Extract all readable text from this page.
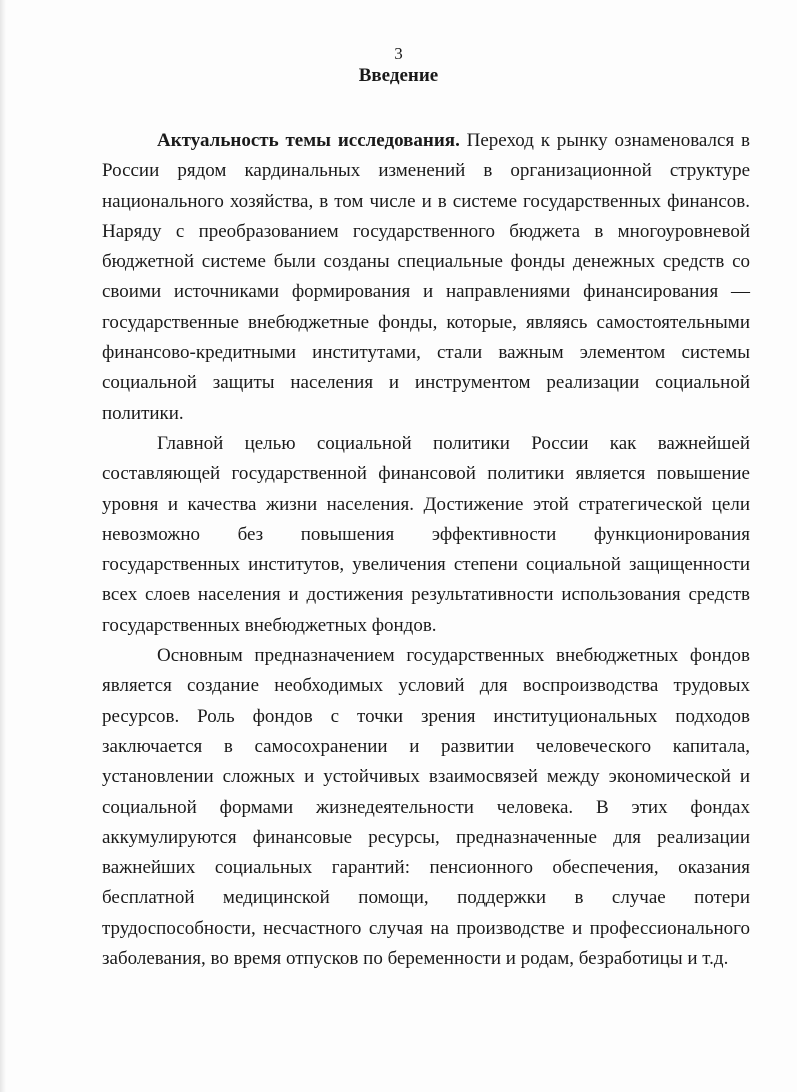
3
Введение

Актуальность темы исследования. Переход к рынку ознаменовался в России рядом кардинальных изменений в организационной структуре национального хозяйства, в том числе и в системе государственных финансов. Наряду с преобразованием государственного бюджета в многоуровневой бюджетной системе были созданы специальные фонды денежных средств со своими источниками формирования и направлениями финансирования — государственные внебюджетные фонды, которые, являясь самостоятельными финансово-кредитными институтами, стали важным элементом системы социальной защиты населения и инструментом реализации социальной политики.

Главной целью социальной политики России как важнейшей составляющей государственной финансовой политики является повышение уровня и качества жизни населения. Достижение этой стратегической цели невозможно без повышения эффективности функционирования государственных институтов, увеличения степени социальной защищенности всех слоев населения и достижения результативности использования средств государственных внебюджетных фондов.

Основным предназначением государственных внебюджетных фондов является создание необходимых условий для воспроизводства трудовых ресурсов. Роль фондов с точки зрения институциональных подходов заключается в самосохранении и развитии человеческого капитала, установлении сложных и устойчивых взаимосвязей между экономической и социальной формами жизнедеятельности человека. В этих фондах аккумулируются финансовые ресурсы, предназначенные для реализации важнейших социальных гарантий: пенсионного обеспечения, оказания бесплатной медицинской помощи, поддержки в случае потери трудоспособности, несчастного случая на производстве и профессионального заболевания, во время отпусков по беременности и родам, безработицы и т.д.
